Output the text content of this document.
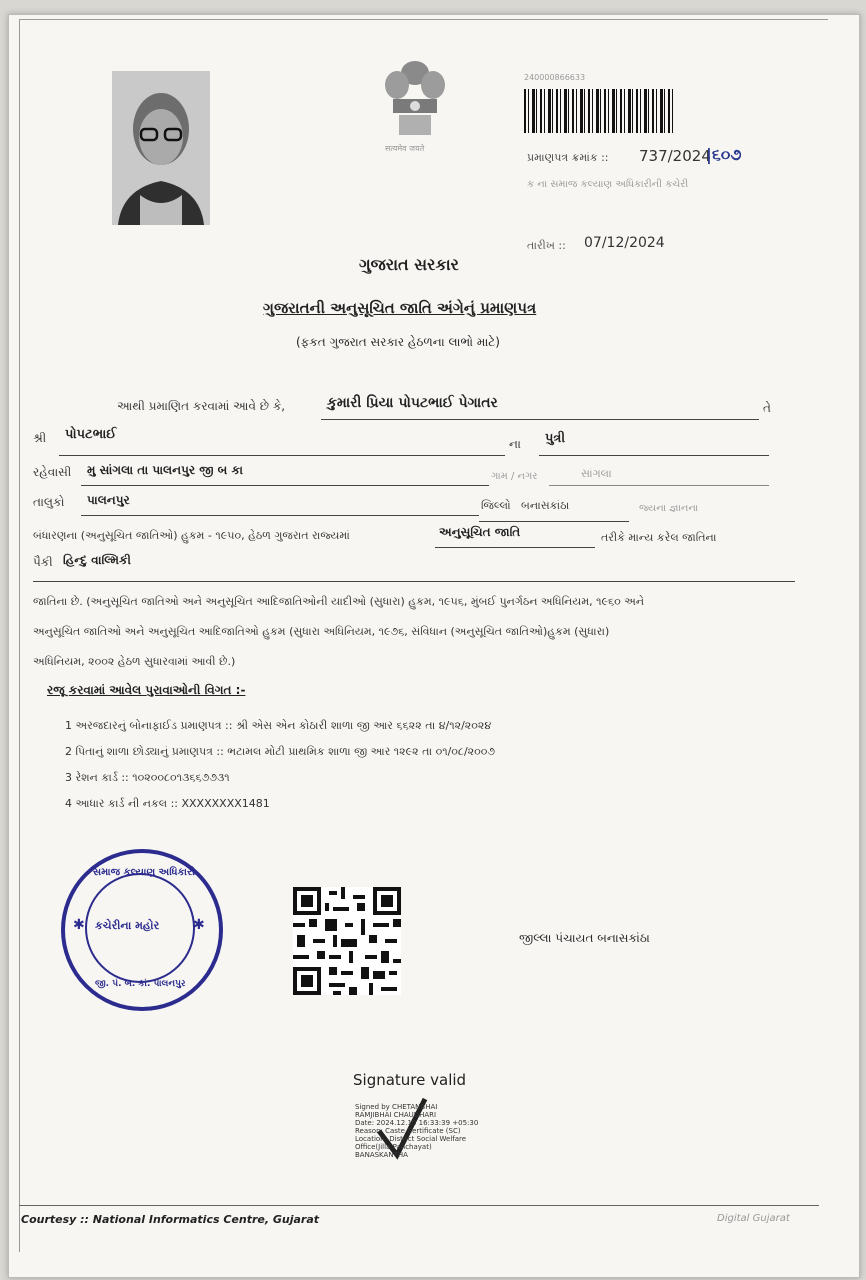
सत्यमेव जयते
240000866633
પ્રમાણપત્ર ક્રમાંક :: 737/2024
|૬૦૭
ક ના સમાજ કલ્યાણ અધિકારીની કચેરી
તારીખ :: 07/12/2024
ગુજરાત સરકાર
ગુજરાતની અનુસૂચિત જાતિ અંગેનું પ્રમાણપત્ર
(ફકત ગુજરાત સરકાર હેઠળના લાભો માટે)
આથી પ્રમાણિત કરવામાં આવે છે કે,	કુમારી પ્રિયા પોપટભાઈ પેગાતર	તે
શ્રી પોપટભાઈ
ના પુત્રી
રહેવાસી મુ સાંગલા તા પાલનપુર જી બ કા	ગામ / નગર	સાંગલા
તાલુકો પાલનપુર	જિલ્લો બનાસકાંઠા	જ્યના જ્ઞાનના
બંધારણના (અનુસૂચિત જાતિઓ) હુકમ - ૧૯૫૦, હેઠળ ગુજરાત રાજ્યમાં	અનુસૂચિત જાતિ	તરીકે માન્ય કરેલ જાતિના
પૈકી હિન્દુ વાલ્મિકી
જાતિના છે. (અનુસૂચિત જાતિઓ અને અનુસૂચિત આદિજાતિઓની યાદીઓ (સુધારા) હુકમ, ૧૯૫૬, મુંબઈ પુનર્ગઠન અધિનિયમ, ૧૯૬૦ અને
અનુસૂચિત જાતિઓ અને અનુસૂચિત આદિજાતિઓ હુકમ (સુધારા અધિનિયમ, ૧૯૭૬, સંવિધાન (અનુસૂચિત જાતિઓ)હુકમ (સુધારા)
અધિનિયમ, ૨૦૦૨ હેઠળ સુધારવામાં આવી છે.)
રજૂ કરવામાં આવેલ પુરાવાઓની વિગત :-
1 અરજદારનું બોનાફાઈડ પ્રમાણપત્ર :: શ્રી એસ એન કોઠારી શાળા જી આર ૬૬૨૨ તા ૪/૧૨/૨૦૨૪
2 પિતાનું શાળા છોડ્યાનું પ્રમાણપત્ર :: ભટામલ મોટી પ્રાથમિક શાળા જી આર ૧૨૯૨ તા ૦૧/૦૮/૨૦૦૭
3 રેશન કાર્ડ :: ૧૦૨૦૦૮૦૧૩૬૬૭૭૩૧
4 આધાર કાર્ડ ની નકલ :: XXXXXXXX1481
સમાજ કલ્યાણ અધિકારી
જી. પં. બ. કાં. પાલનપુર
કચેરીના મહોર
✱	✱
જીલ્લા પંચાયત બનાસકાંઠા
Signature valid
Signed by CHETANBHAI
RAMJIBHAI CHAUDHARI
Date: 2024.12.10 16:33:39 +05:30
Reason: Caste Certificate (SC)
Location: District Social Welfare
Office(Jilla Panchayat)
BANASKANTHA
Courtesy :: National Informatics Centre, Gujarat	Digital Gujarat
